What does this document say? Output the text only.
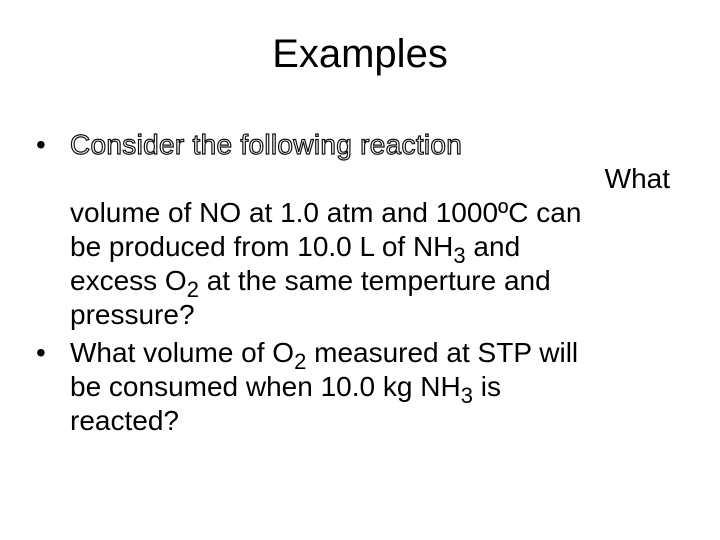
Examples
• Consider the following reaction
What
volume of NO at 1.0 atm and 1000ºC can
be produced from 10.0 L of $NH_3$ and
excess $O_2$ at the same temperture and
pressure?
• What volume of $O_2$ measured at STP will
be consumed when 10.0 kg $NH_3$ is
reacted?
